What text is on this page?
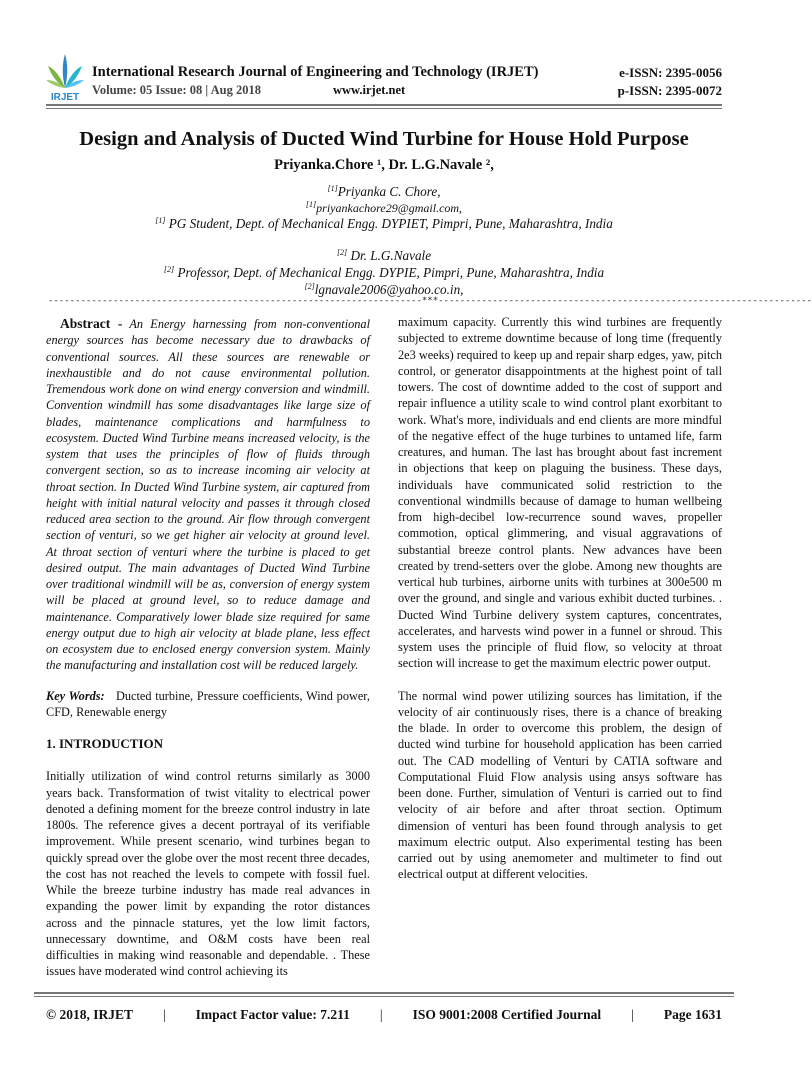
IRJET
International Research Journal of Engineering and Technology (IRJET)	e-ISSN: 2395-0056
Volume: 05 Issue: 08 | Aug 2018	www.irjet.net	p-ISSN: 2395-0072
Design and Analysis of Ducted Wind Turbine for House Hold Purpose
Priyanka.Chore ¹, Dr. L.G.Navale ²,
[1]Priyanka C. Chore,
[1]priyankachore29@gmail.com,
[1] PG Student, Dept. of Mechanical Engg. DYPIET, Pimpri, Pune, Maharashtra, India
[2] Dr. L.G.Navale
[2] Professor, Dept. of Mechanical Engg. DYPIE, Pimpri, Pune, Maharashtra, India
[2]lgnavale2006@yahoo.co.in,
---------------------------------------------------------------------***---------------------------------------------------------------------

Abstract - An Energy harnessing from non-conventional energy sources has become necessary due to drawbacks of conventional sources. All these sources are renewable or inexhaustible and do not cause environmental pollution. Tremendous work done on wind energy conversion and windmill. Convention windmill has some disadvantages like large size of blades, maintenance complications and harmfulness to ecosystem. Ducted Wind Turbine means increased velocity, is the system that uses the principles of flow of fluids through convergent section, so as to increase incoming air velocity at throat section. In Ducted Wind Turbine system, air captured from height with initial natural velocity and passes it through closed reduced area section to the ground. Air flow through convergent section of venturi, so we get higher air velocity at ground level. At throat section of venturi where the turbine is placed to get desired output. The main advantages of Ducted Wind Turbine over traditional windmill will be as, conversion of energy system will be placed at ground level, so to reduce damage and maintenance. Comparatively lower blade size required for same energy output due to high air velocity at blade plane, less effect on ecosystem due to enclosed energy conversion system. Mainly the manufacturing and installation cost will be reduced largely.

Key Words: Ducted turbine, Pressure coefficients, Wind power, CFD, Renewable energy

1. INTRODUCTION

Initially utilization of wind control returns similarly as 3000 years back. Transformation of twist vitality to electrical power denoted a defining moment for the breeze control industry in late 1800s. The reference gives a decent portrayal of its verifiable improvement. While present scenario, wind turbines began to quickly spread over the globe over the most recent three decades, the cost has not reached the levels to compete with fossil fuel. While the breeze turbine industry has made real advances in expanding the power limit by expanding the rotor distances across and the pinnacle statures, yet the low limit factors, unnecessary downtime, and O&M costs have been real difficulties in making wind reasonable and dependable. . These issues have moderated wind control achieving its

maximum capacity. Currently this wind turbines are frequently subjected to extreme downtime because of long time (frequently 2e3 weeks) required to keep up and repair sharp edges, yaw, pitch control, or generator disappointments at the highest point of tall towers. The cost of downtime added to the cost of support and repair influence a utility scale to wind control plant exorbitant to work. What's more, individuals and end clients are more mindful of the negative effect of the huge turbines to untamed life, farm creatures, and human. The last has brought about fast increment in objections that keep on plaguing the business. These days, individuals have communicated solid restriction to the conventional windmills because of damage to human wellbeing from high-decibel low-recurrence sound waves, propeller commotion, optical glimmering, and visual aggravations of substantial breeze control plants. New advances have been created by trend-setters over the globe. Among new thoughts are vertical hub turbines, airborne units with turbines at 300e500 m over the ground, and single and various exhibit ducted turbines. . Ducted Wind Turbine delivery system captures, concentrates, accelerates, and harvests wind power in a funnel or shroud. This system uses the principle of fluid flow, so velocity at throat section will increase to get the maximum electric power output.

The normal wind power utilizing sources has limitation, if the velocity of air continuously rises, there is a chance of breaking the blade. In order to overcome this problem, the design of ducted wind turbine for household application has been carried out. The CAD modelling of Venturi by CATIA software and Computational Fluid Flow analysis using ansys software has been done. Further, simulation of Venturi is carried out to find velocity of air before and after throat section. Optimum dimension of venturi has been found through analysis to get maximum electric output. Also experimental testing has been carried out by using anemometer and multimeter to find out electrical output at different velocities.

© 2018, IRJET | Impact Factor value: 7.211 | ISO 9001:2008 Certified Journal | Page 1631
